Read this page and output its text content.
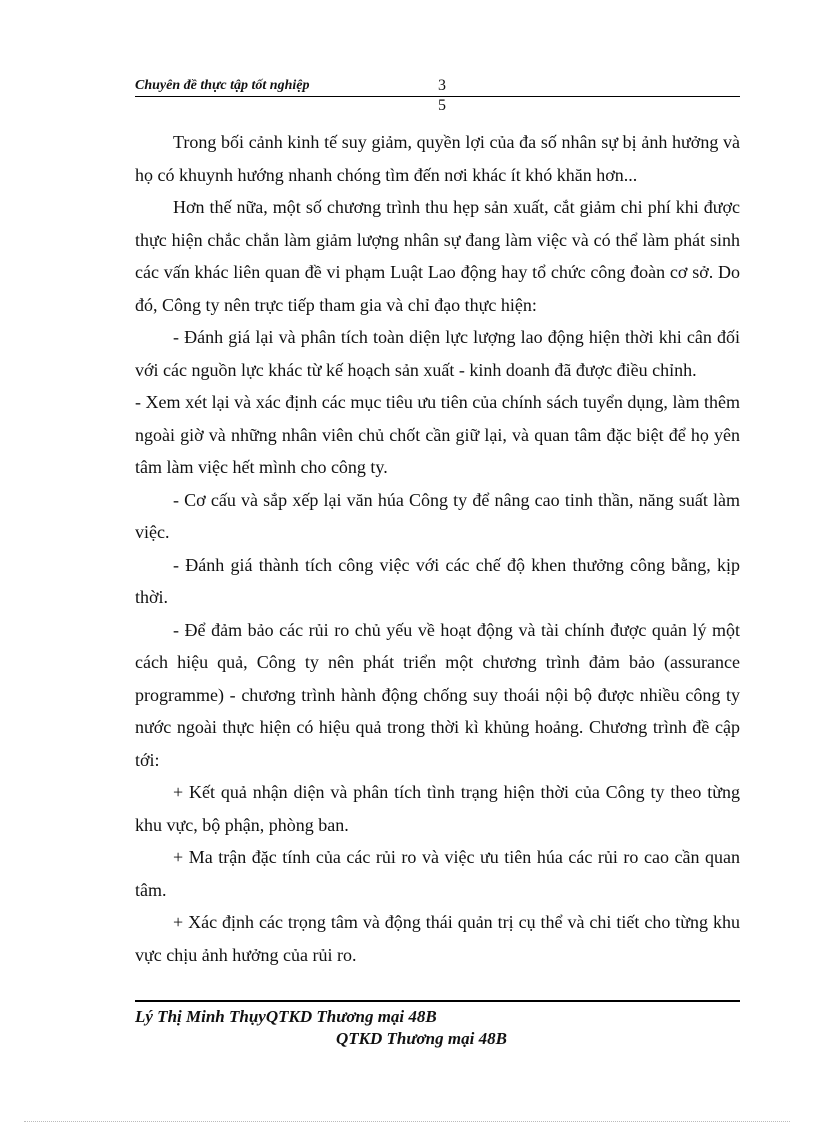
Chuyên đề thực tập tốt nghiệp	3
5

Trong bối cảnh kinh tế suy giảm, quyền lợi của đa số nhân sự bị ảnh hưởng và họ có khuynh hướng nhanh chóng tìm đến nơi khác ít khó khăn hơn...

Hơn thế nữa, một số chương trình thu hẹp sản xuất, cắt giảm chi phí khi được thực hiện chắc chắn làm giảm lượng nhân sự đang làm việc và có thể làm phát sinh các vấn khác liên quan đề vi phạm Luật Lao động hay tổ chức công đoàn cơ sở. Do đó, Công ty nên trực tiếp tham gia và chỉ đạo thực hiện:

- Đánh giá lại và phân tích toàn diện lực lượng lao động hiện thời khi cân đối với các nguồn lực khác từ kế hoạch sản xuất - kinh doanh đã được điều chỉnh.

- Xem xét lại và xác định các mục tiêu ưu tiên của chính sách tuyển dụng, làm thêm ngoài giờ và những nhân viên chủ chốt cần giữ lại, và quan tâm đặc biệt để họ yên tâm làm việc hết mình cho công ty.

- Cơ cấu và sắp xếp lại văn húa Công ty để nâng cao tinh thần, năng suất làm việc.

- Đánh giá thành tích công việc với các chế độ khen thưởng công bằng, kịp thời.

- Để đảm bảo các rủi ro chủ yếu về hoạt động và tài chính được quản lý một cách hiệu quả, Công ty nên phát triển một chương trình đảm bảo (assurance programme) - chương trình hành động chống suy thoái nội bộ được nhiều công ty nước ngoài thực hiện có hiệu quả trong thời kì khủng hoảng. Chương trình đề cập tới:

+ Kết quả nhận diện và phân tích tình trạng hiện thời của Công ty theo từng khu vực, bộ phận, phòng ban.

+ Ma trận đặc tính của các rủi ro và việc ưu tiên húa các rủi ro cao cần quan tâm.

+ Xác định các trọng tâm và động thái quản trị cụ thể và chi tiết cho từng khu vực chịu ảnh hưởng của rủi ro.

Lý Thị Minh ThụyQTKD Thương mại 48B
QTKD Thương mại 48B
